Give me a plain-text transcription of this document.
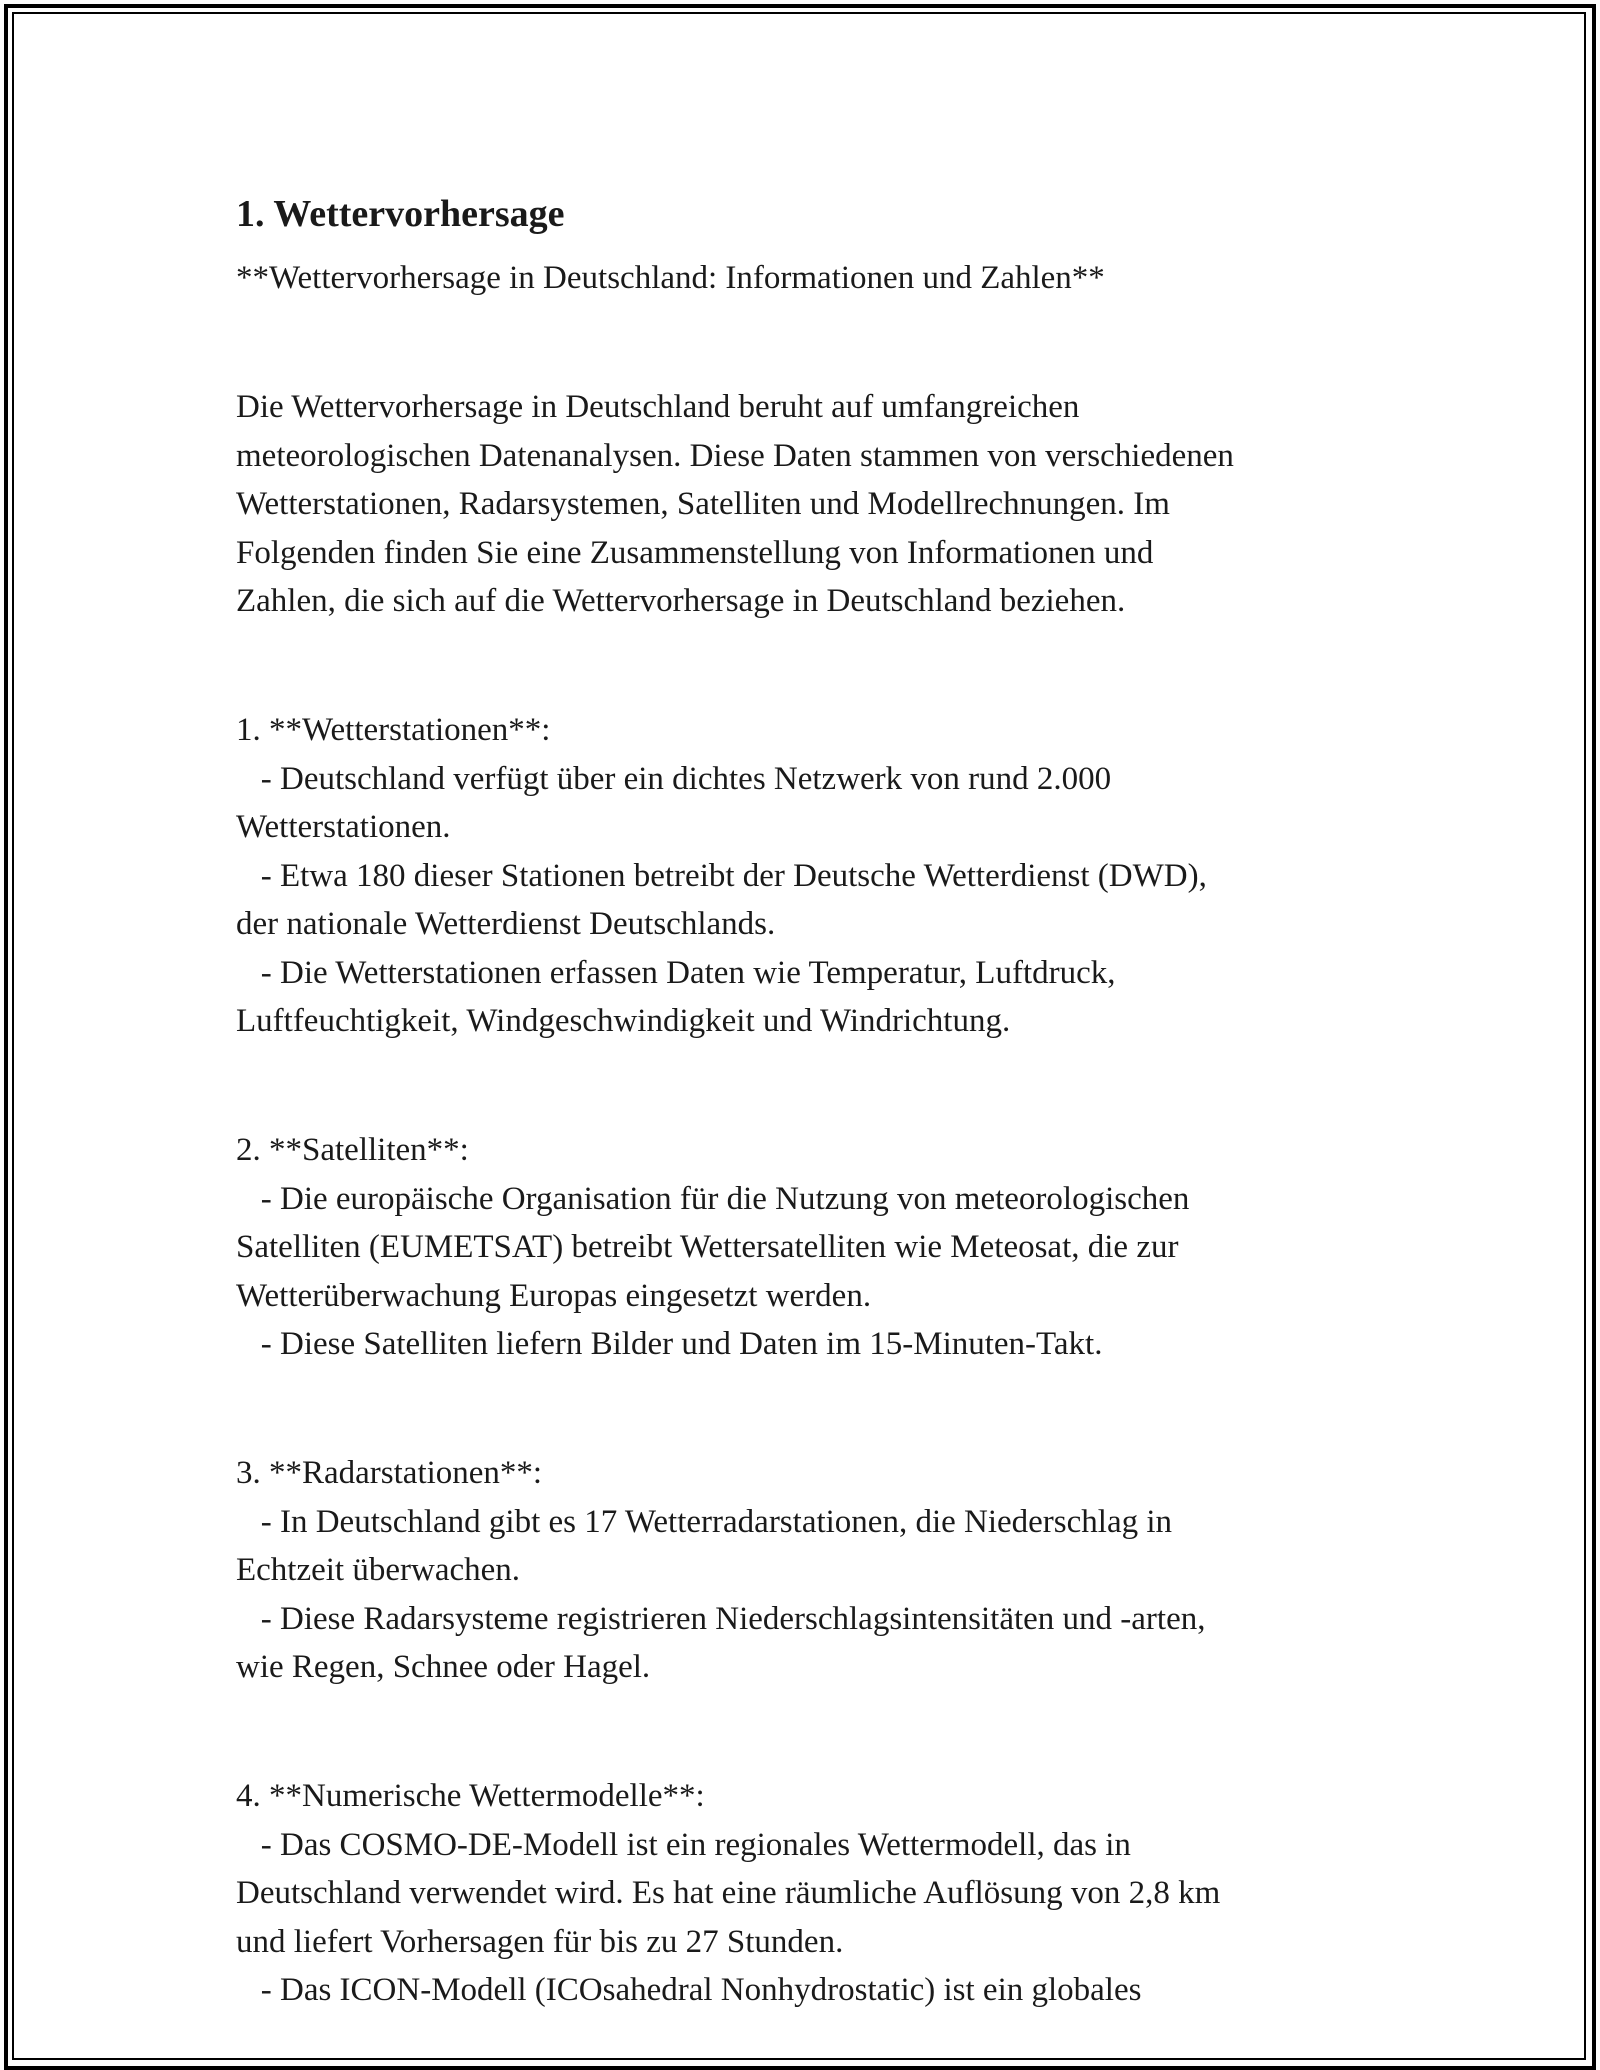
1. Wettervorhersage

**Wettervorhersage in Deutschland: Informationen und Zahlen**

Die Wettervorhersage in Deutschland beruht auf umfangreichen

meteorologischen Datenanalysen. Diese Daten stammen von verschiedenen

Wetterstationen, Radarsystemen, Satelliten und Modellrechnungen. Im

Folgenden finden Sie eine Zusammenstellung von Informationen und

Zahlen, die sich auf die Wettervorhersage in Deutschland beziehen.

1. **Wetterstationen**:

- Deutschland verfügt über ein dichtes Netzwerk von rund 2.000

Wetterstationen.

- Etwa 180 dieser Stationen betreibt der Deutsche Wetterdienst (DWD),

der nationale Wetterdienst Deutschlands.

- Die Wetterstationen erfassen Daten wie Temperatur, Luftdruck,

Luftfeuchtigkeit, Windgeschwindigkeit und Windrichtung.

2. **Satelliten**:

- Die europäische Organisation für die Nutzung von meteorologischen

Satelliten (EUMETSAT) betreibt Wettersatelliten wie Meteosat, die zur

Wetterüberwachung Europas eingesetzt werden.

- Diese Satelliten liefern Bilder und Daten im 15-Minuten-Takt.

3. **Radarstationen**:

- In Deutschland gibt es 17 Wetterradarstationen, die Niederschlag in

Echtzeit überwachen.

- Diese Radarsysteme registrieren Niederschlagsintensitäten und -arten,

wie Regen, Schnee oder Hagel.

4. **Numerische Wettermodelle**:

- Das COSMO-DE-Modell ist ein regionales Wettermodell, das in

Deutschland verwendet wird. Es hat eine räumliche Auflösung von 2,8 km

und liefert Vorhersagen für bis zu 27 Stunden.

- Das ICON-Modell (ICOsahedral Nonhydrostatic) ist ein globales
